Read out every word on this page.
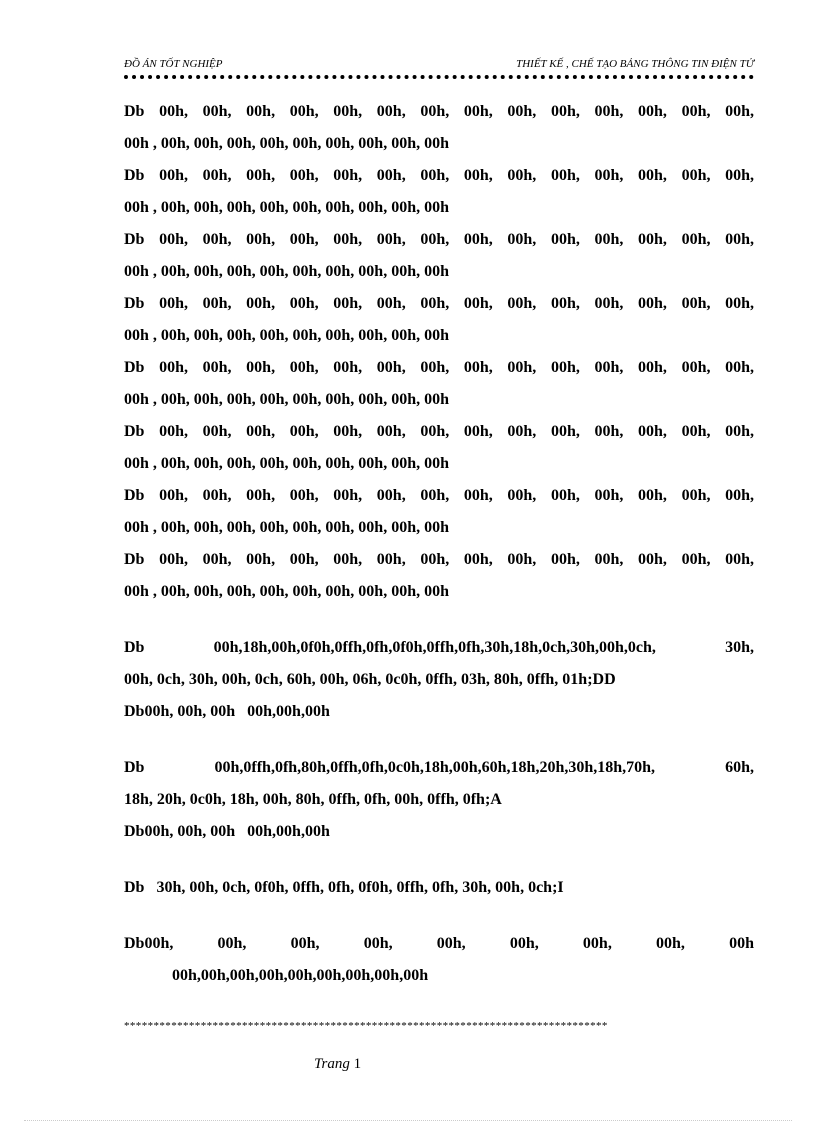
ĐỒ ÁN TỐT NGHIỆP	THIẾT KẾ , CHẾ TẠO BẢNG THÔNG TIN ĐIỆN TỬ
Db 00h, 00h, 00h, 00h, 00h, 00h, 00h, 00h, 00h, 00h, 00h, 00h, 00h, 00h,
00h , 00h, 00h, 00h, 00h, 00h, 00h, 00h, 00h, 00h
Db 00h, 00h, 00h, 00h, 00h, 00h, 00h, 00h, 00h, 00h, 00h, 00h, 00h, 00h,
00h , 00h, 00h, 00h, 00h, 00h, 00h, 00h, 00h, 00h
Db 00h, 00h, 00h, 00h, 00h, 00h, 00h, 00h, 00h, 00h, 00h, 00h, 00h, 00h,
00h , 00h, 00h, 00h, 00h, 00h, 00h, 00h, 00h, 00h
Db 00h, 00h, 00h, 00h, 00h, 00h, 00h, 00h, 00h, 00h, 00h, 00h, 00h, 00h,
00h , 00h, 00h, 00h, 00h, 00h, 00h, 00h, 00h, 00h
Db 00h, 00h, 00h, 00h, 00h, 00h, 00h, 00h, 00h, 00h, 00h, 00h, 00h, 00h,
00h , 00h, 00h, 00h, 00h, 00h, 00h, 00h, 00h, 00h
Db 00h, 00h, 00h, 00h, 00h, 00h, 00h, 00h, 00h, 00h, 00h, 00h, 00h, 00h,
00h , 00h, 00h, 00h, 00h, 00h, 00h, 00h, 00h, 00h
Db 00h, 00h, 00h, 00h, 00h, 00h, 00h, 00h, 00h, 00h, 00h, 00h, 00h, 00h,
00h , 00h, 00h, 00h, 00h, 00h, 00h, 00h, 00h, 00h
Db 00h, 00h, 00h, 00h, 00h, 00h, 00h, 00h, 00h, 00h, 00h, 00h, 00h, 00h,
00h , 00h, 00h, 00h, 00h, 00h, 00h, 00h, 00h, 00h
Db 00h,18h,00h,0f0h,0ffh,0fh,0f0h,0ffh,0fh,30h,18h,0ch,30h,00h,0ch, 30h,
00h, 0ch, 30h, 00h, 0ch, 60h, 00h, 06h, 0c0h, 0ffh, 03h, 80h, 0ffh, 01h;DD
Db00h, 00h, 00h   00h,00h,00h
Db 00h,0ffh,0fh,80h,0ffh,0fh,0c0h,18h,00h,60h,18h,20h,30h,18h,70h, 60h,
18h, 20h, 0c0h, 18h, 00h, 80h, 0ffh, 0fh, 00h, 0ffh, 0fh;A
Db00h, 00h, 00h   00h,00h,00h
Db   30h, 00h, 0ch, 0f0h, 0ffh, 0fh, 0f0h, 0ffh, 0fh, 30h, 00h, 0ch;I
Db00h, 00h, 00h, 00h, 00h, 00h, 00h, 00h, 00h
00h,00h,00h,00h,00h,00h,00h,00h,00h
**********************************************************************************
Trang 1
